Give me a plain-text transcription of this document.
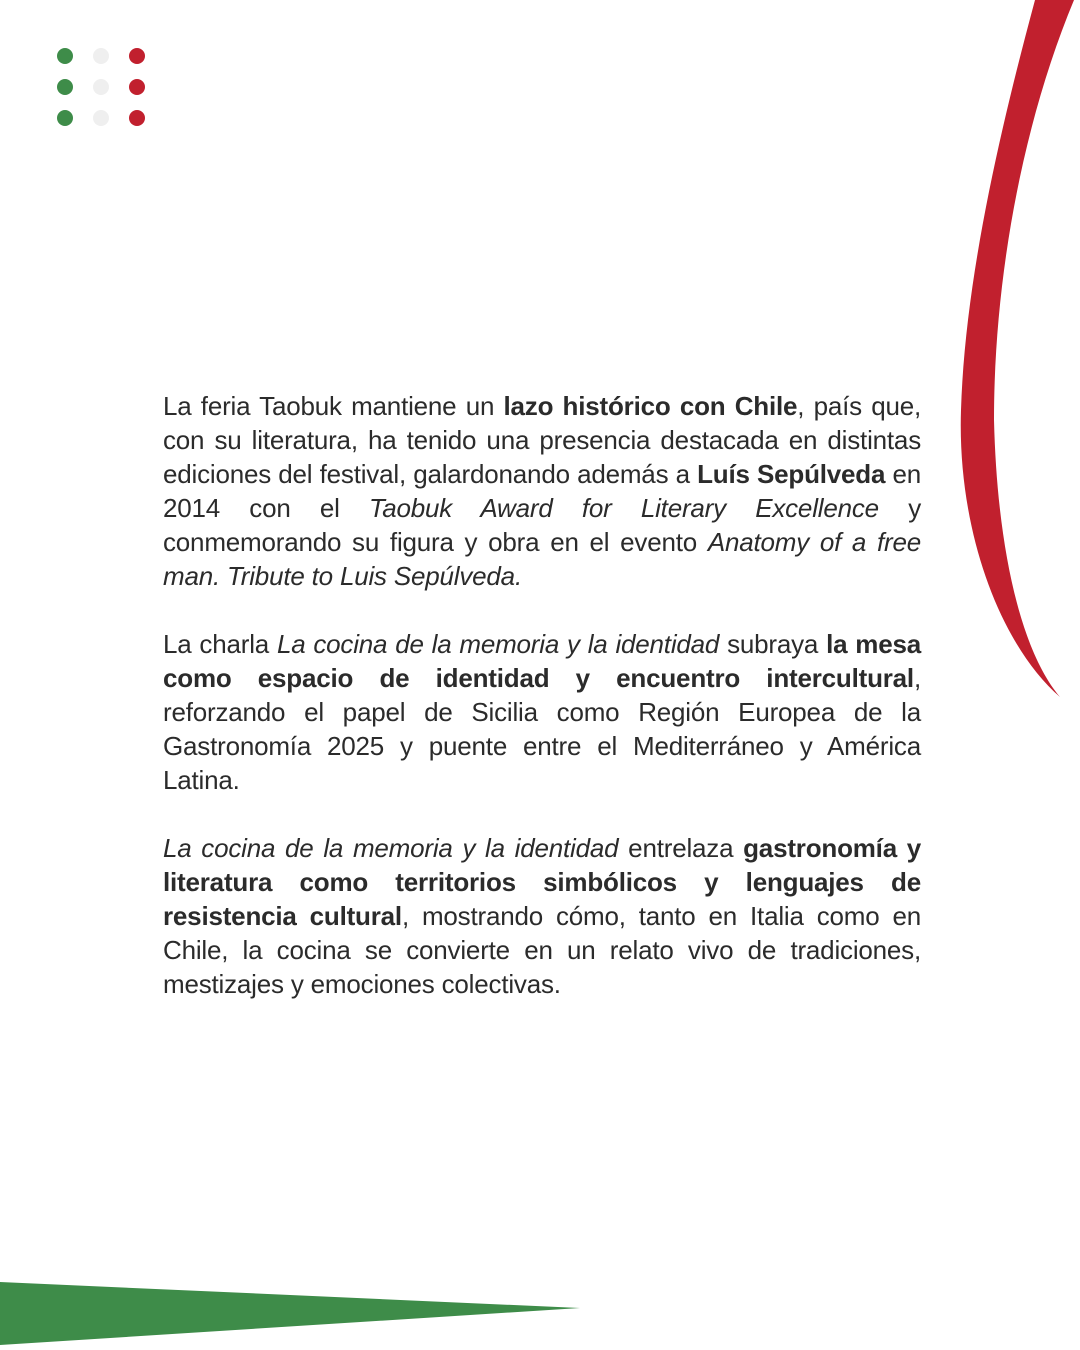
La feria Taobuk mantiene un lazo histórico con Chile, país que, con su literatura, ha tenido una presencia destacada en distintas ediciones del festival, galardonando además a Luís Sepúlveda en 2014 con el Taobuk Award for Literary Excellence y conmemorando su figura y obra en el evento Anatomy of a free man. Tribute to Luis Sepúlveda.

La charla La cocina de la memoria y la identidad subraya la mesa como espacio de identidad y encuentro intercultural, reforzando el papel de Sicilia como Región Europea de la Gastronomía 2025 y puente entre el Mediterráneo y América Latina.

La cocina de la memoria y la identidad entrelaza gastronomía y literatura como territorios simbólicos y lenguajes de resistencia cultural, mostrando cómo, tanto en Italia como en Chile, la cocina se convierte en un relato vivo de tradiciones, mestizajes y emociones colectivas.
